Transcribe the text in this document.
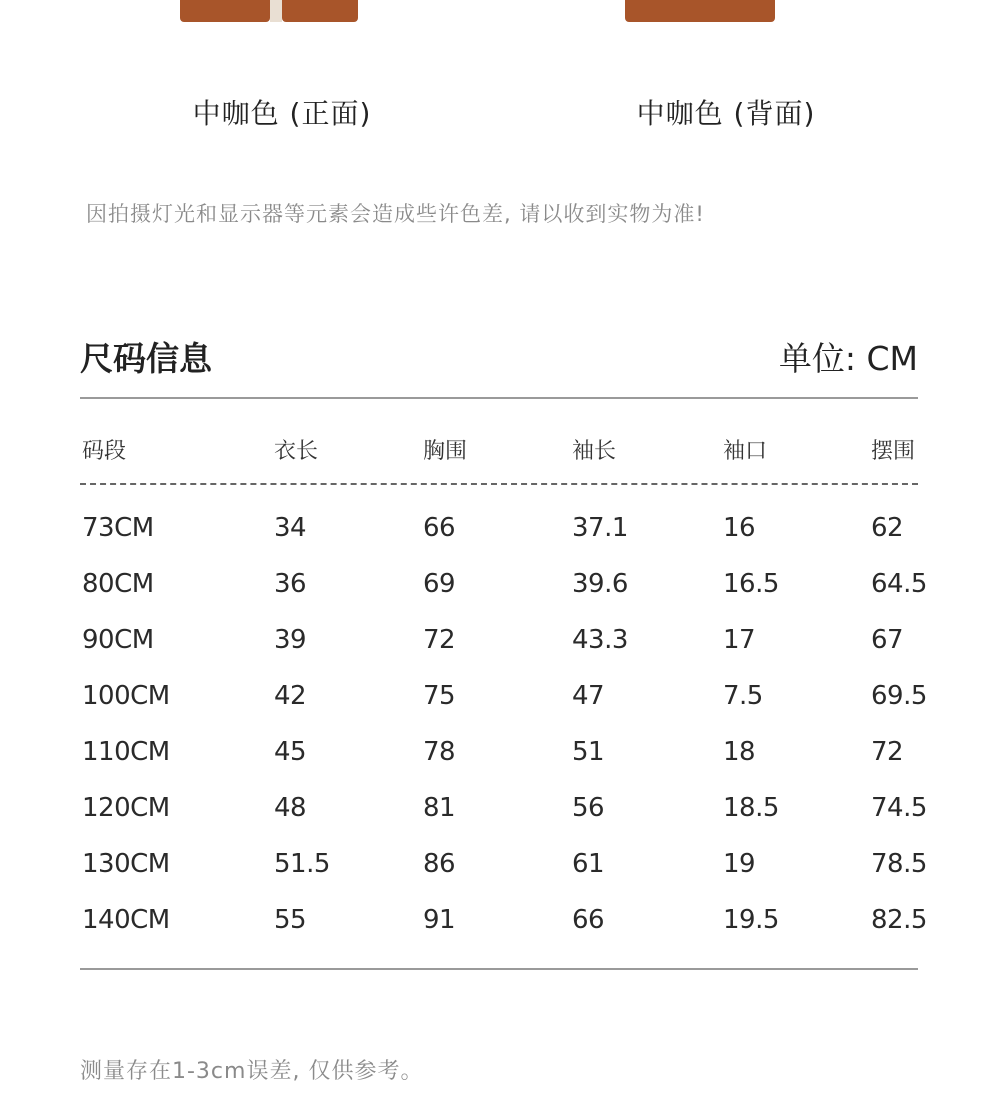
中咖色 (正面)	中咖色 (背面)
因拍摄灯光和显示器等元素会造成些许色差, 请以收到实物为准!
尺码信息	单位: CM
码段	衣长	胸围	袖长	袖口	摆围
73CM	34	66	37.1	16	62
80CM	36	69	39.6	16.5	64.5
90CM	39	72	43.3	17	67
100CM	42	75	47	7.5	69.5
110CM	45	78	51	18	72
120CM	48	81	56	18.5	74.5
130CM	51.5	86	61	19	78.5
140CM	55	91	66	19.5	82.5
测量存在1-3cm误差, 仅供参考。
